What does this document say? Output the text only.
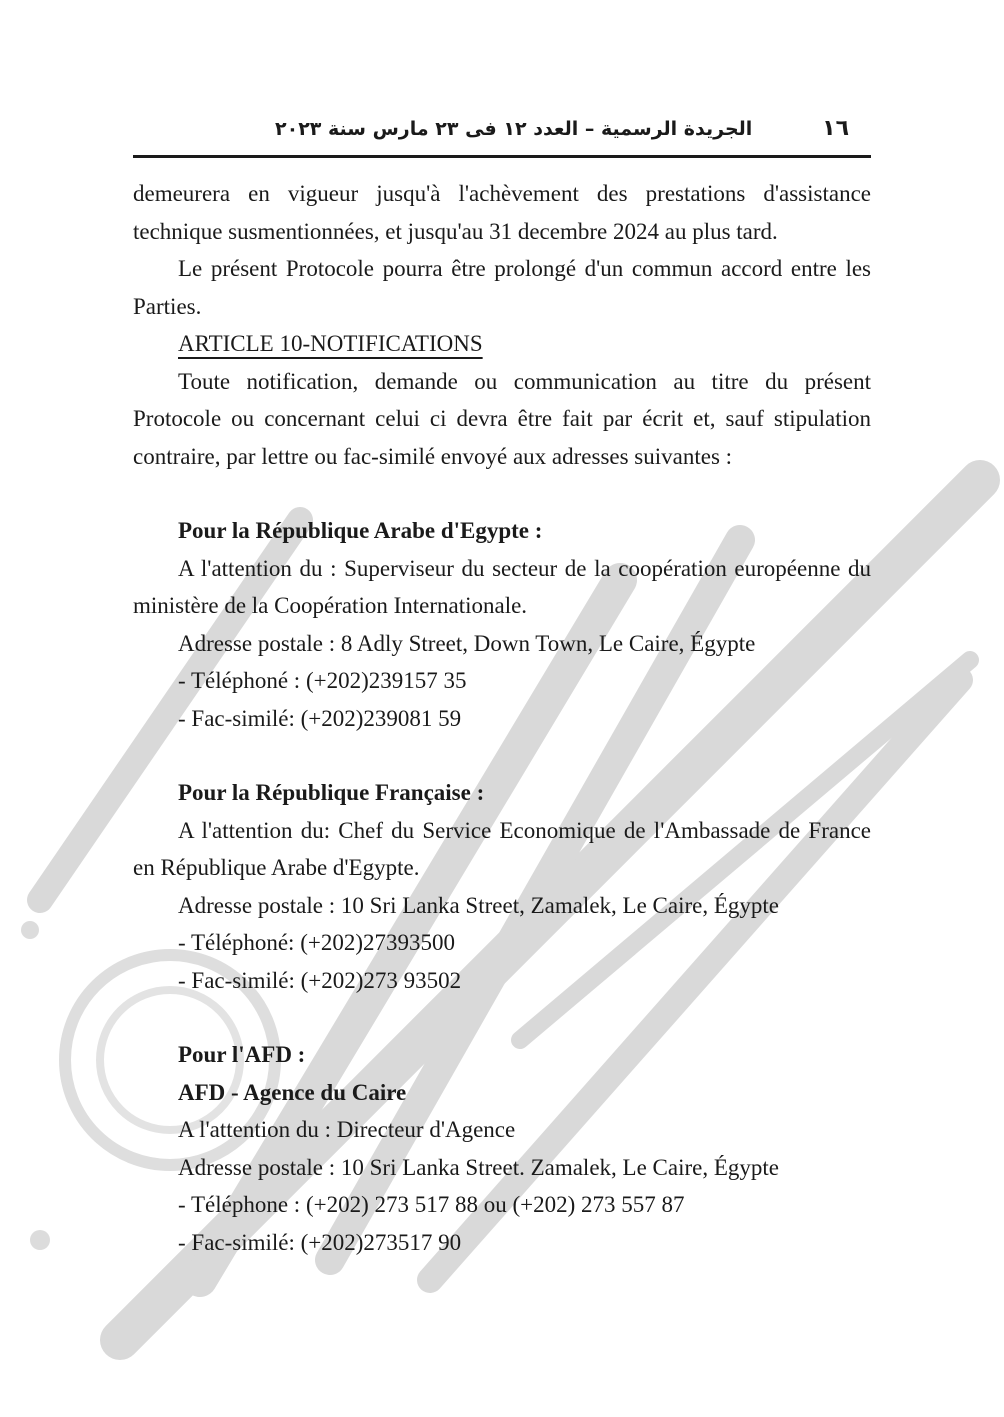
الجريدة الرسمية – العدد ١٢ فى ٢٣ مارس سنة ٢٠٢٣	١٦

demeurera en vigueur jusqu'à l'achèvement des prestations d'assistance technique susmentionnées, et jusqu'au 31 decembre 2024 au plus tard.

Le présent Protocole pourra être prolongé d'un commun accord entre les Parties.

ARTICLE 10-NOTIFICATIONS

Toute notification, demande ou communication au titre du présent Protocole ou concernant celui ci devra être fait par écrit et, sauf stipulation contraire, par lettre ou fac-similé envoyé aux adresses suivantes :

Pour la République Arabe d'Egypte :

A l'attention du : Superviseur du secteur de la coopération européenne du ministère de la Coopération Internationale.

Adresse postale : 8 Adly Street, Down Town, Le Caire, Égypte

- Téléphoné : (+202)239157 35

- Fac-similé: (+202)239081 59

Pour la République Française :

A l'attention du: Chef du Service Economique de l'Ambassade de France en République Arabe d'Egypte.

Adresse postale : 10 Sri Lanka Street, Zamalek, Le Caire, Égypte

- Téléphoné: (+202)27393500

- Fac-similé: (+202)273 93502

Pour l'AFD :

AFD - Agence du Caire

A l'attention du : Directeur d'Agence

Adresse postale : 10 Sri Lanka Street. Zamalek, Le Caire, Égypte

- Téléphone : (+202) 273 517 88 ou (+202) 273 557 87

- Fac-similé: (+202)273517 90
